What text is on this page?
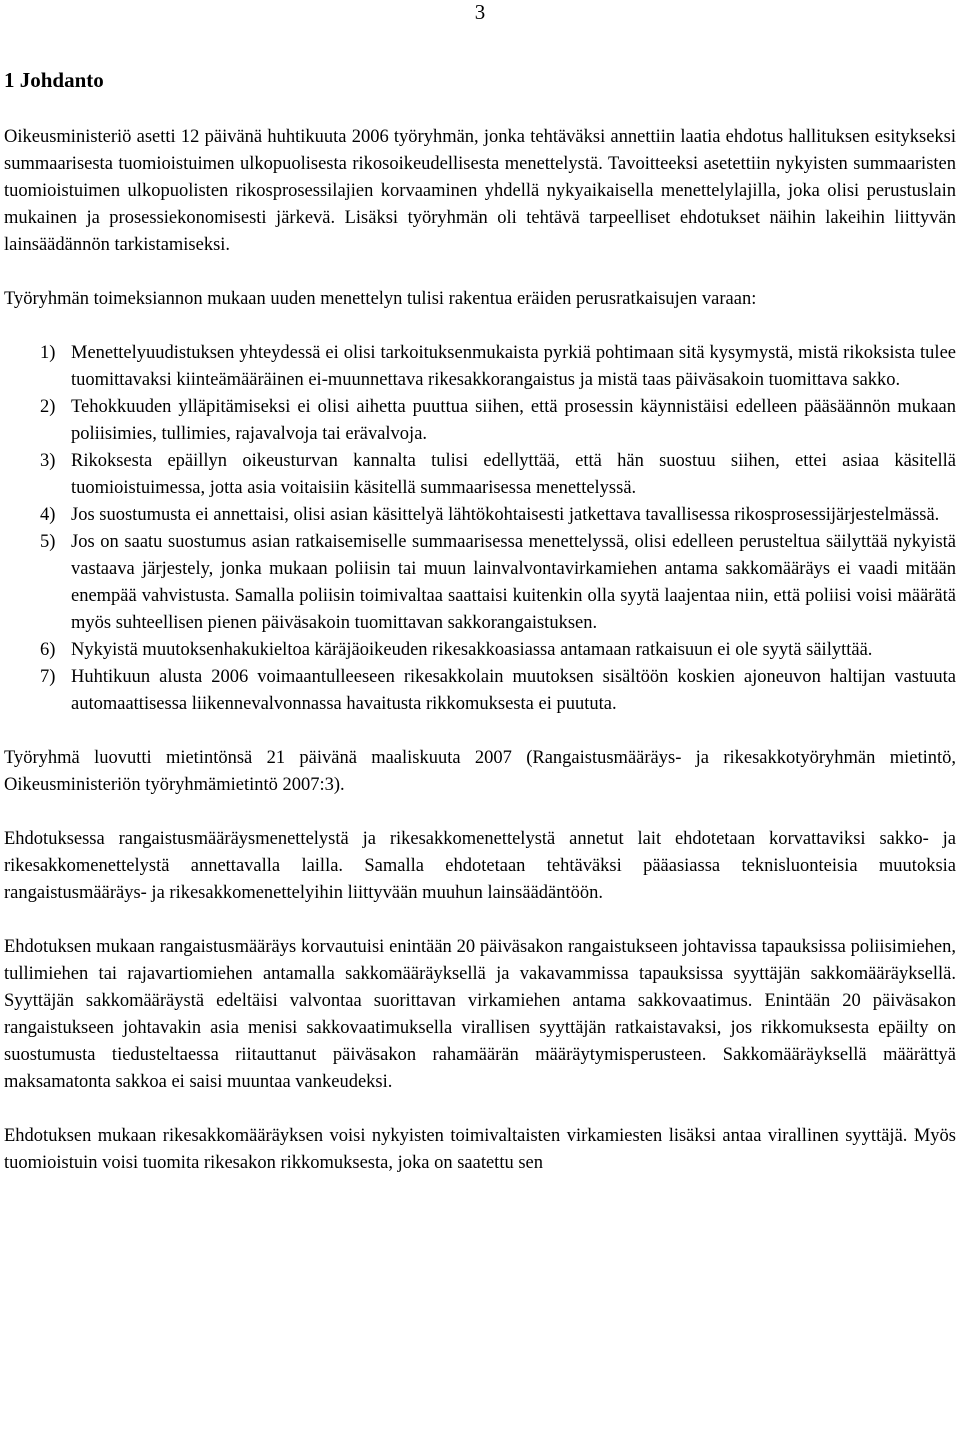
3
1 Johdanto

Oikeusministeriö asetti 12 päivänä huhtikuuta 2006 työryhmän, jonka tehtäväksi annettiin laatia ehdotus hallituksen esitykseksi summaarisesta tuomioistuimen ulkopuolisesta rikosoikeudellisesta menettelystä. Tavoitteeksi asetettiin nykyisten summaaristen tuomioistuimen ulkopuolisten rikosprosessilajien korvaaminen yhdellä nykyaikaisella menettelylajilla, joka olisi perustuslain mukainen ja prosessiekonomisesti järkevä. Lisäksi työryhmän oli tehtävä tarpeelliset ehdotukset näihin lakeihin liittyvän lainsäädännön tarkistamiseksi.

Työryhmän toimeksiannon mukaan uuden menettelyn tulisi rakentua eräiden perusratkaisujen varaan:

1) Menettelyuudistuksen yhteydessä ei olisi tarkoituksenmukaista pyrkiä pohtimaan sitä kysymystä, mistä rikoksista tulee tuomittavaksi kiinteämääräinen ei-muunnettava rikesakkorangaistus ja mistä taas päiväsakoin tuomittava sakko.
2) Tehokkuuden ylläpitämiseksi ei olisi aihetta puuttua siihen, että prosessin käynnistäisi edelleen pääsäännön mukaan poliisimies, tullimies, rajavalvoja tai erävalvoja.
3) Rikoksesta epäillyn oikeusturvan kannalta tulisi edellyttää, että hän suostuu siihen, ettei asiaa käsitellä tuomioistuimessa, jotta asia voitaisiin käsitellä summaarisessa menettelyssä.
4) Jos suostumusta ei annettaisi, olisi asian käsittelyä lähtökohtaisesti jatkettava tavallisessa rikosprosessijärjestelmässä.
5) Jos on saatu suostumus asian ratkaisemiselle summaarisessa menettelyssä, olisi edelleen perusteltua säilyttää nykyistä vastaava järjestely, jonka mukaan poliisin tai muun lainvalvontavirkamiehen antama sakkomääräys ei vaadi mitään enempää vahvistusta. Samalla poliisin toimivaltaa saattaisi kuitenkin olla syytä laajentaa niin, että poliisi voisi määrätä myös suhteellisen pienen päiväsakoin tuomittavan sakkorangaistuksen.
6) Nykyistä muutoksenhakukieltoa käräjäoikeuden rikesakkoasiassa antamaan ratkaisuun ei ole syytä säilyttää.
7) Huhtikuun alusta 2006 voimaantulleeseen rikesakkolain muutoksen sisältöön koskien ajoneuvon haltijan vastuuta automaattisessa liikennevalvonnassa havaitusta rikkomuksesta ei puututa.

Työryhmä luovutti mietintönsä 21 päivänä maaliskuuta 2007 (Rangaistusmääräys- ja rikesakkotyöryhmän mietintö, Oikeusministeriön työryhmämietintö 2007:3).

Ehdotuksessa rangaistusmääräysmenettelystä ja rikesakkomenettelystä annetut lait ehdotetaan korvattaviksi sakko- ja rikesakkomenettelystä annettavalla lailla. Samalla ehdotetaan tehtäväksi pääasiassa teknisluonteisia muutoksia rangaistusmääräys- ja rikesakkomenettelyihin liittyvään muuhun lainsäädäntöön.

Ehdotuksen mukaan rangaistusmääräys korvautuisi enintään 20 päiväsakon rangaistukseen johtavissa tapauksissa poliisimiehen, tullimiehen tai rajavartiomiehen antamalla sakkomääräyksellä ja vakavammissa tapauksissa syyttäjän sakkomääräyksellä. Syyttäjän sakkomääräystä edeltäisi valvontaa suorittavan virkamiehen antama sakkovaatimus. Enintään 20 päiväsakon rangaistukseen johtavakin asia menisi sakkovaatimuksella virallisen syyttäjän ratkaistavaksi, jos rikkomuksesta epäilty on suostumusta tiedusteltaessa riitauttanut päiväsakon rahamäärän määräytymisperusteen. Sakkomääräyksellä määrättyä maksamatonta sakkoa ei saisi muuntaa vankeudeksi.

Ehdotuksen mukaan rikesakkomääräyksen voisi nykyisten toimivaltaisten virkamiesten lisäksi antaa virallinen syyttäjä. Myös tuomioistuin voisi tuomita rikesakon rikkomuksesta, joka on saatettu sen
